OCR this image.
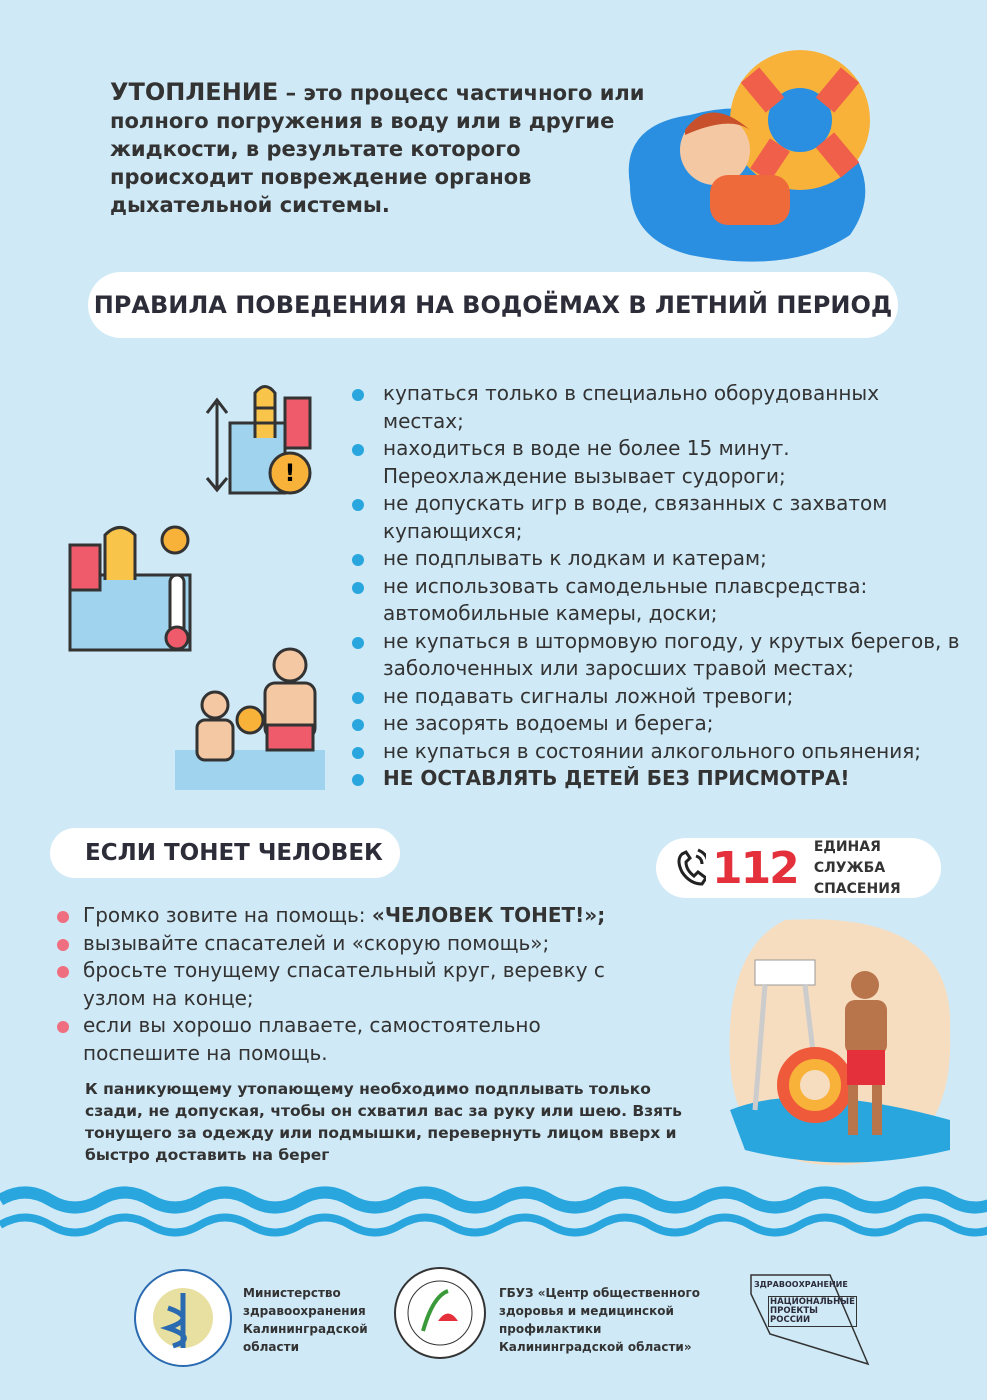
УТОПЛЕНИЕ – это процесс частичного или полного погружения в воду или в другие жидкости, в результате которого происходит повреждение органов дыхательной системы.
ПРАВИЛА ПОВЕДЕНИЯ НА ВОДОЁМАХ В ЛЕТНИЙ ПЕРИОД
!
купаться только в специально оборудованных местах;
находиться в воде не более 15 минут. Переохлаждение вызывает судороги;
не допускать игр в воде, связанных с захватом купающихся;
не подплывать к лодкам и катерам;
не использовать самодельные плавсредства: автомобильные камеры, доски;
не купаться в штормовую погоду, у крутых берегов, в заболоченных или заросших травой местах;
не подавать сигналы ложной тревоги;
не засорять водоемы и берега;
не купаться в состоянии алкогольного опьянения;
НЕ ОСТАВЛЯТЬ ДЕТЕЙ БЕЗ ПРИСМОТРА!
ЕСЛИ ТОНЕТ ЧЕЛОВЕК	112 ЕДИНАЯ СЛУЖБА
СПАСЕНИЯ
Громко зовите на помощь: «ЧЕЛОВЕК ТОНЕТ!»;
вызывайте спасателей и «скорую помощь»;
бросьте тонущему спасательный круг, веревку с узлом на конце;
если вы хорошо плаваете, самостоятельно поспешите на помощь.
К паникующему утопающему необходимо подплывать только сзади, не допуская, чтобы он схватил вас за руку или шею. Взять тонущего за одежду или подмышки, перевернуть лицом вверх и быстро доставить на берег
Министерство
здравоохранения
Калининградской
области
ГБУЗ «Центр общественного
здоровья и медицинской
профилактики
Калининградской области»
ЗДРАВООХРАНЕНИЕ
НАЦИОНАЛЬНЫЕ
ПРОЕКТЫ
РОССИИ
